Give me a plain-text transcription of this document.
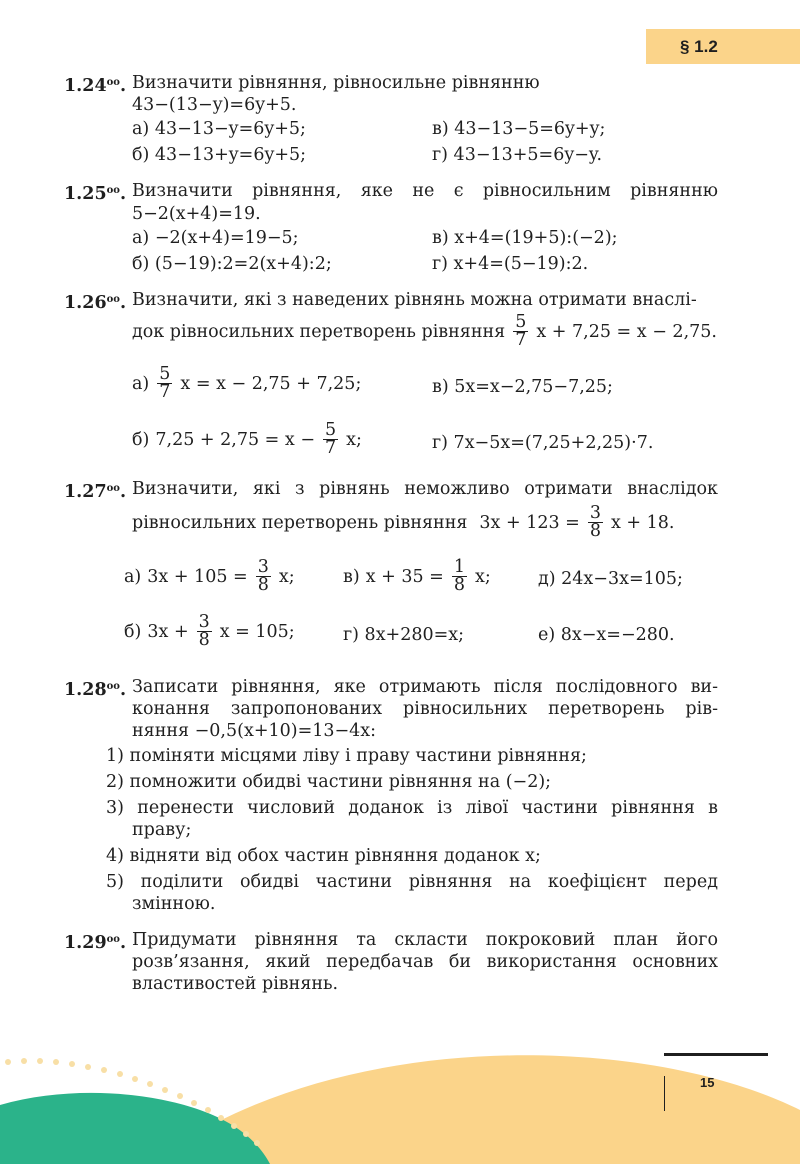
§ 1.2
$1.24^{оо}$. Визначити рівняння, рівносильне рівнянню
43−(13−y)=6y+5.
а) 43−13−y=6y+5;	в) 43−13−5=6y+y;
б) 43−13+y=6y+5;	г) 43−13+5=6y−y.
$1.25^{оо}$. Визначити рівняння, яке не є рівносильним рівнянню
5−2(x+4)=19.
а) −2(x+4)=19−5;	в) x+4=(19+5):(−2);
б) (5−19):2=2(x+4):2;	г) x+4=(5−19):2.
$1.26^{оо}$. Визначити, які з наведених рівнянь можна отримати внаслі-
док рівносильних перетворень рівняння $\frac{5}{7}$ x + 7,25 = x − 2,75.
$а) \frac{5}{7}$ x = x − 2,75 + 7,25;	в) 5x=x−2,75−7,25;
б) $7,25 + 2,75 = x - \frac{5}{7} x$;	г) 7x−5x=(7,25+2,25)·7.
$1.27^{оо}$. Визначити, які з рівнянь неможливо отримати внаслідок
рівносильних перетворень рівняння $3x + 123 = \frac{3}{8}$ x + 18.
а) $3x + 105 = \frac{3}{8} x$;	в) $x + 35 = \frac{1}{8} x$;	д) 24x−3x=105;
б) $3x + \frac{3}{8}$ x = 105;	г) 8x+280=x;	е) 8x−x=−280.
$1.28^{оо}$. Записати рівняння, яке отримають після послідовного ви-
конання запропонованих рівносильних перетворень рів-
няння −0,5(x+10)=13−4x:
1) поміняти місцями ліву і праву частини рівняння;
2) помножити обидві частини рівняння на (−2);
3) перенести числовий доданок із лівої частини рівняння в
праву;
4) відняти від обох частин рівняння доданок x;
5) поділити обидві частини рівняння на коефіцієнт перед
змінною.
$1.29^{оо}$. Придумати рівняння та скласти покроковий план його
розв’язання, який передбачав би використання основних
властивостей рівнянь.
15
